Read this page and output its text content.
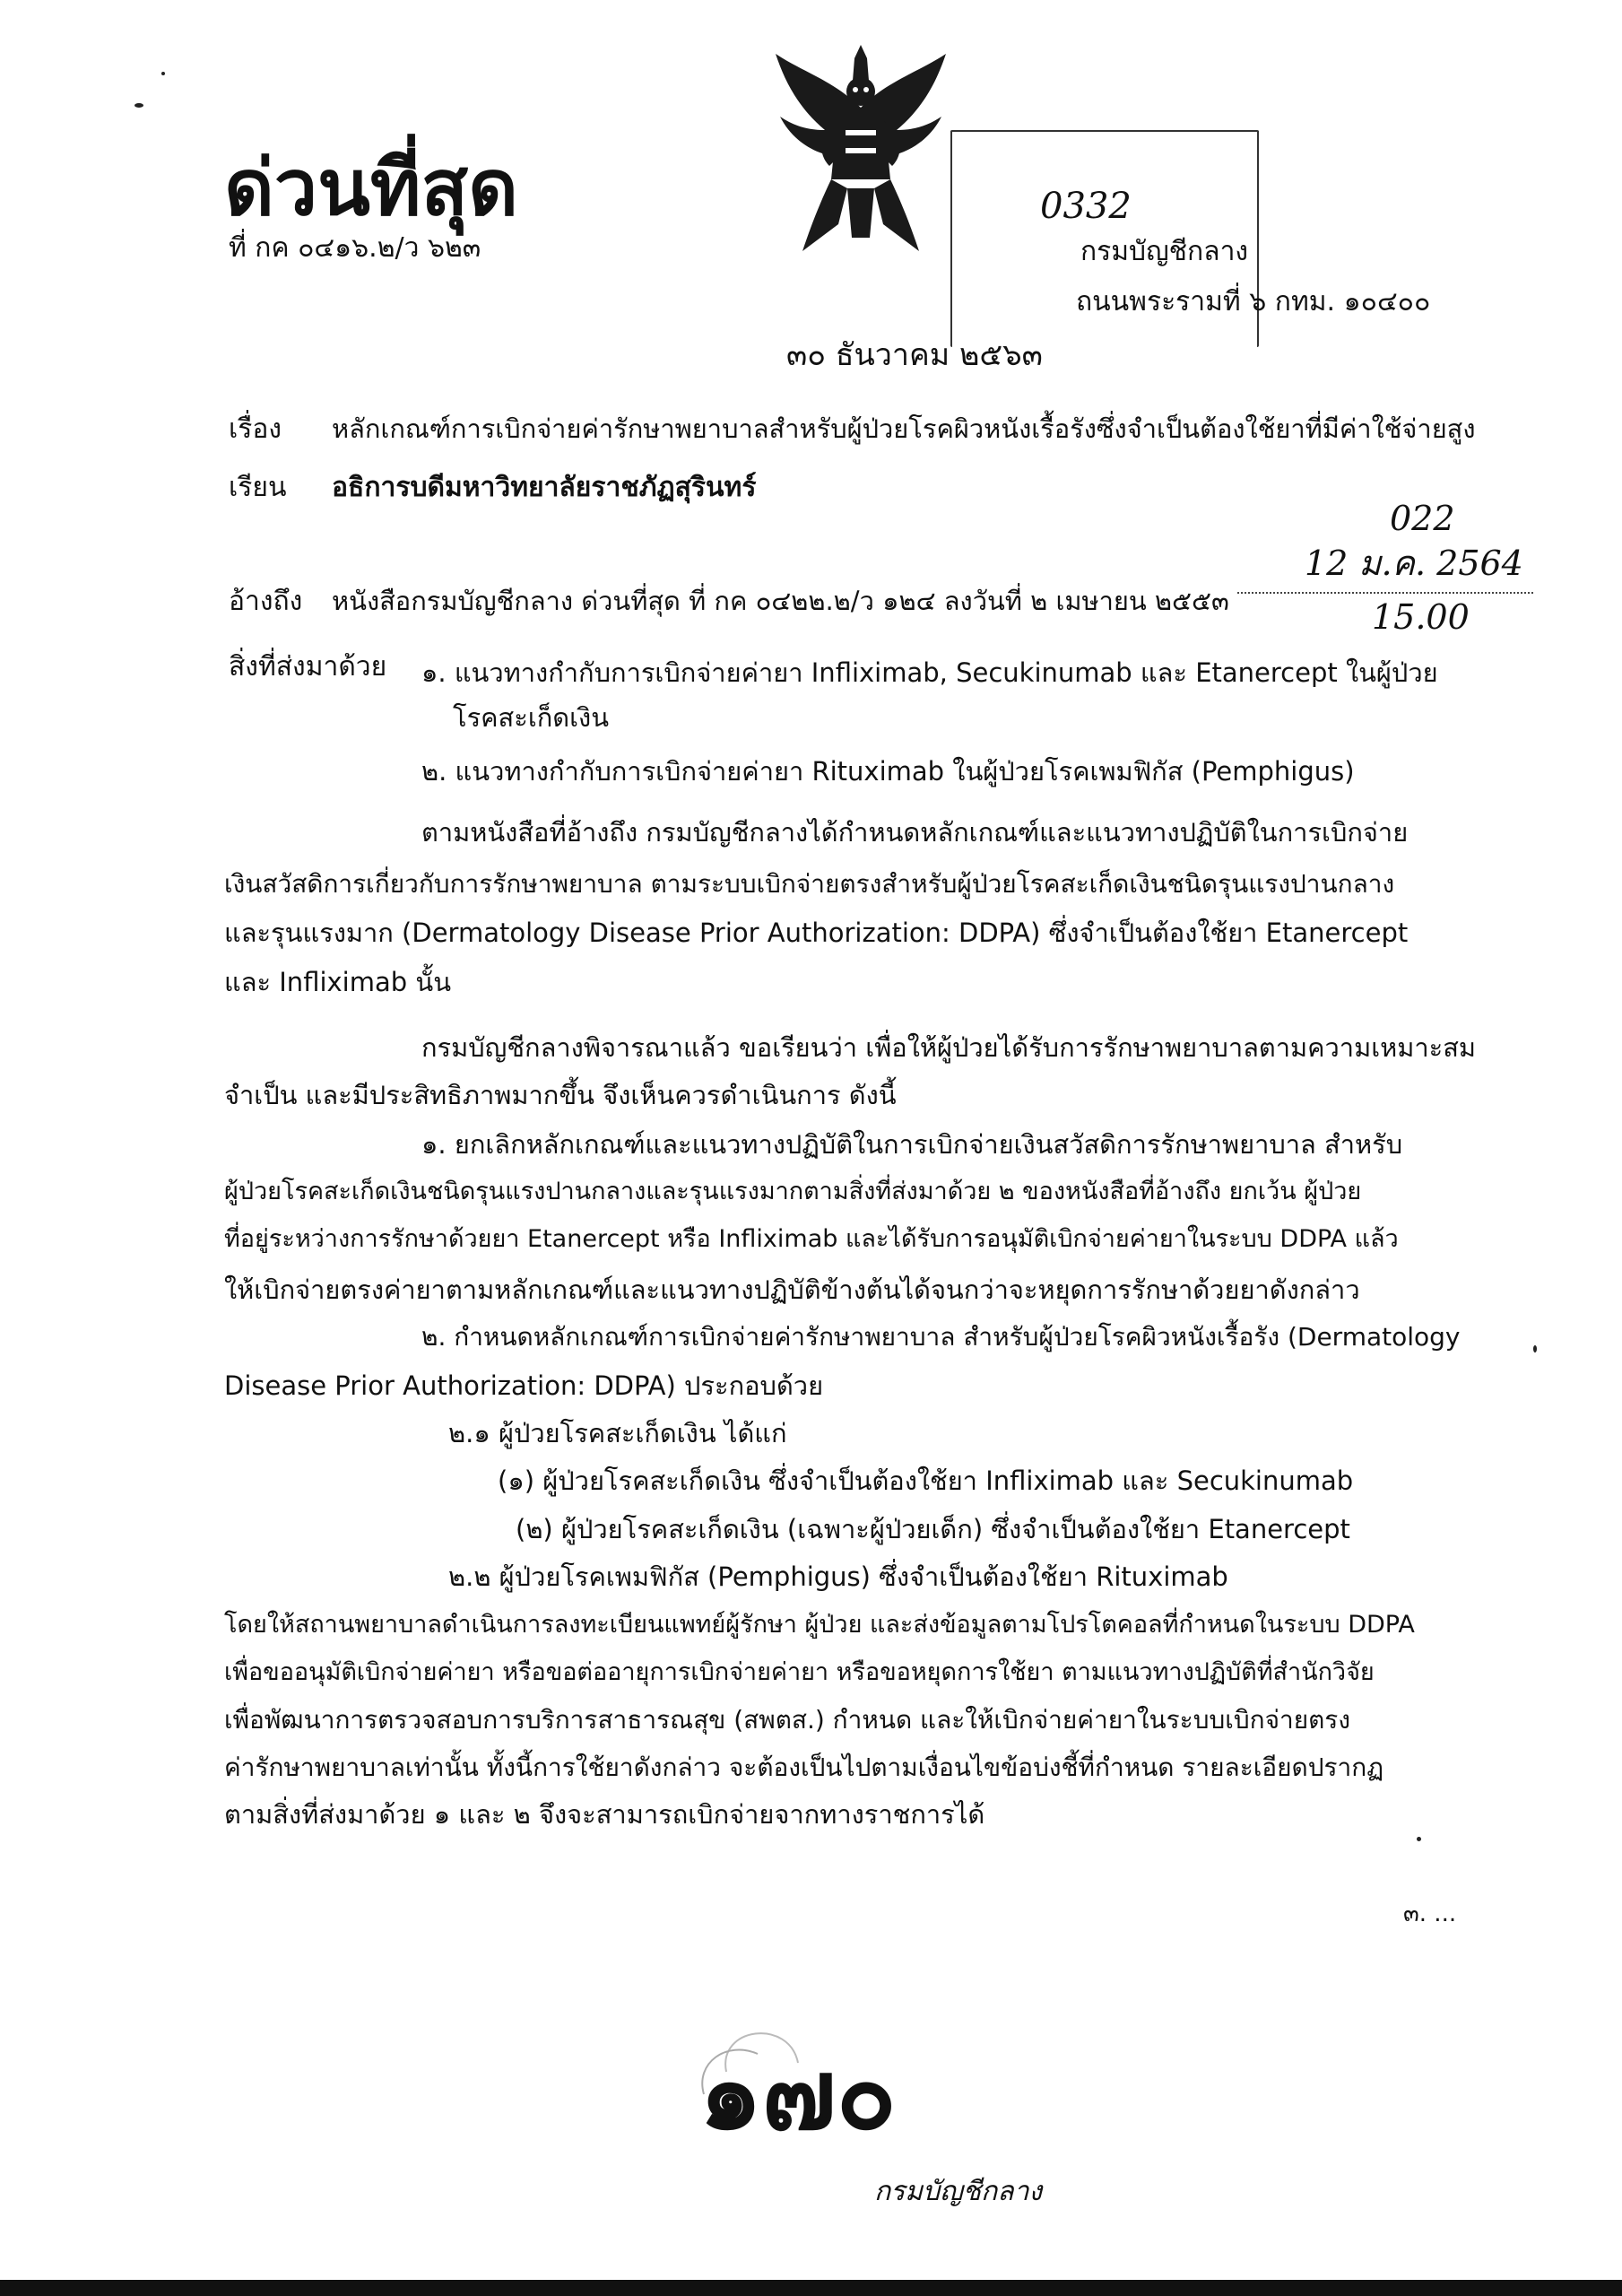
ด่วนที่สุด
ที่ กค ๐๔๑๖.๒/ว ๖๒๓
0332
กรมบัญชีกลาง
ถนนพระรามที่ ๖ กทม. ๑๐๔๐๐
๓๐ ธันวาคม ๒๕๖๓
เรื่อง หลักเกณฑ์การเบิกจ่ายค่ารักษาพยาบาลสำหรับผู้ป่วยโรคผิวหนังเรื้อรังซึ่งจำเป็นต้องใช้ยาที่มีค่าใช้จ่ายสูง
เรียน อธิการบดีมหาวิทยาลัยราชภัฏสุรินทร์
022
12 ม.ค. 2564
15.00
อ้างถึง หนังสือกรมบัญชีกลาง ด่วนที่สุด ที่ กค ๐๔๒๒.๒/ว ๑๒๔ ลงวันที่ ๒ เมษายน ๒๕๕๓
สิ่งที่ส่งมาด้วย ๑. แนวทางกำกับการเบิกจ่ายค่ายา Infliximab, Secukinumab และ Etanercept ในผู้ป่วย
โรคสะเก็ดเงิน
๒. แนวทางกำกับการเบิกจ่ายค่ายา Rituximab ในผู้ป่วยโรคเพมฟิกัส (Pemphigus)
ตามหนังสือที่อ้างถึง กรมบัญชีกลางได้กำหนดหลักเกณฑ์และแนวทางปฏิบัติในการเบิกจ่าย
เงินสวัสดิการเกี่ยวกับการรักษาพยาบาล ตามระบบเบิกจ่ายตรงสำหรับผู้ป่วยโรคสะเก็ดเงินชนิดรุนแรงปานกลาง
และรุนแรงมาก (Dermatology Disease Prior Authorization: DDPA) ซึ่งจำเป็นต้องใช้ยา Etanercept
และ Infliximab นั้น
กรมบัญชีกลางพิจารณาแล้ว ขอเรียนว่า เพื่อให้ผู้ป่วยได้รับการรักษาพยาบาลตามความเหมาะสม
จำเป็น และมีประสิทธิภาพมากขึ้น จึงเห็นควรดำเนินการ ดังนี้
๑. ยกเลิกหลักเกณฑ์และแนวทางปฏิบัติในการเบิกจ่ายเงินสวัสดิการรักษาพยาบาล สำหรับ
ผู้ป่วยโรคสะเก็ดเงินชนิดรุนแรงปานกลางและรุนแรงมากตามสิ่งที่ส่งมาด้วย ๒ ของหนังสือที่อ้างถึง ยกเว้น ผู้ป่วย
ที่อยู่ระหว่างการรักษาด้วยยา Etanercept หรือ Infliximab และได้รับการอนุมัติเบิกจ่ายค่ายาในระบบ DDPA แล้ว
ให้เบิกจ่ายตรงค่ายาตามหลักเกณฑ์และแนวทางปฏิบัติข้างต้นได้จนกว่าจะหยุดการรักษาด้วยยาดังกล่าว
๒. กำหนดหลักเกณฑ์การเบิกจ่ายค่ารักษาพยาบาล สำหรับผู้ป่วยโรคผิวหนังเรื้อรัง (Dermatology
Disease Prior Authorization: DDPA) ประกอบด้วย
๒.๑ ผู้ป่วยโรคสะเก็ดเงิน ได้แก่
(๑) ผู้ป่วยโรคสะเก็ดเงิน ซึ่งจำเป็นต้องใช้ยา Infliximab และ Secukinumab
(๒) ผู้ป่วยโรคสะเก็ดเงิน (เฉพาะผู้ป่วยเด็ก) ซึ่งจำเป็นต้องใช้ยา Etanercept
๒.๒ ผู้ป่วยโรคเพมฟิกัส (Pemphigus) ซึ่งจำเป็นต้องใช้ยา Rituximab
โดยให้สถานพยาบาลดำเนินการลงทะเบียนแพทย์ผู้รักษา ผู้ป่วย และส่งข้อมูลตามโปรโตคอลที่กำหนดในระบบ DDPA
เพื่อขออนุมัติเบิกจ่ายค่ายา หรือขอต่ออายุการเบิกจ่ายค่ายา หรือขอหยุดการใช้ยา ตามแนวทางปฏิบัติที่สำนักวิจัย
เพื่อพัฒนาการตรวจสอบการบริการสาธารณสุข (สพตส.) กำหนด และให้เบิกจ่ายค่ายาในระบบเบิกจ่ายตรง
ค่ารักษาพยาบาลเท่านั้น ทั้งนี้การใช้ยาดังกล่าว จะต้องเป็นไปตามเงื่อนไขข้อบ่งชี้ที่กำหนด รายละเอียดปรากฏ
ตามสิ่งที่ส่งมาด้วย ๑ และ ๒ จึงจะสามารถเบิกจ่ายจากทางราชการได้
๓. ...
๑๗๐
กรมบัญชีกลาง
